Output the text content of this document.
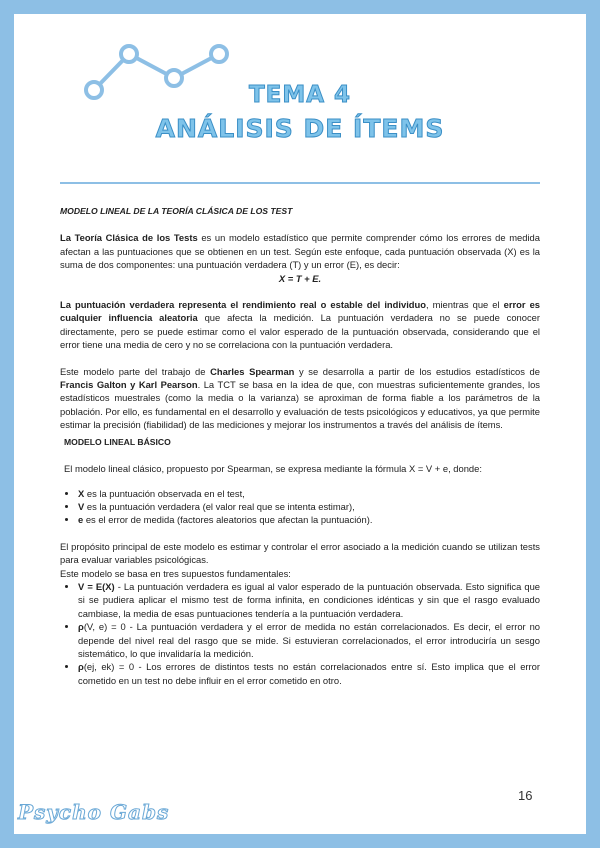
TEMA 4
ANÁLISIS DE ÍTEMS

MODELO LINEAL DE LA TEORÍA CLÁSICA DE LOS TEST

La Teoría Clásica de los Tests es un modelo estadístico que permite comprender cómo los errores de medida afectan a las puntuaciones que se obtienen en un test. Según este enfoque, cada puntuación observada (X) es la suma de dos componentes: una puntuación verdadera (T) y un error (E), es decir:

X = T + E.

La puntuación verdadera representa el rendimiento real o estable del individuo, mientras que el error es cualquier influencia aleatoria que afecta la medición. La puntuación verdadera no se puede conocer directamente, pero se puede estimar como el valor esperado de la puntuación observada, considerando que el error tiene una media de cero y no se correlaciona con la puntuación verdadera.

Este modelo parte del trabajo de Charles Spearman y se desarrolla a partir de los estudios estadísticos de Francis Galton y Karl Pearson. La TCT se basa en la idea de que, con muestras suficientemente grandes, los estadísticos muestrales (como la media o la varianza) se aproximan de forma fiable a los parámetros de la población. Por ello, es fundamental en el desarrollo y evaluación de tests psicológicos y educativos, ya que permite estimar la precisión (fiabilidad) de las mediciones y mejorar los instrumentos a través del análisis de ítems.

MODELO LINEAL BÁSICO

El modelo lineal clásico, propuesto por Spearman, se expresa mediante la fórmula X = V + e, donde:

• X es la puntuación observada en el test,
• V es la puntuación verdadera (el valor real que se intenta estimar),
• e es el error de medida (factores aleatorios que afectan la puntuación).

El propósito principal de este modelo es estimar y controlar el error asociado a la medición cuando se utilizan tests para evaluar variables psicológicas.

Este modelo se basa en tres supuestos fundamentales:

• V = E(X) - La puntuación verdadera es igual al valor esperado de la puntuación observada. Esto significa que si se pudiera aplicar el mismo test de forma infinita, en condiciones idénticas y sin que el rasgo evaluado cambiase, la media de esas puntuaciones tendería a la puntuación verdadera.
• ρ(V, e) = 0 - La puntuación verdadera y el error de medida no están correlacionados. Es decir, el error no depende del nivel real del rasgo que se mide. Si estuvieran correlacionados, el error introduciría un sesgo sistemático, lo que invalidaría la medición.
• ρ(ej, ek) = 0 - Los errores de distintos tests no están correlacionados entre sí. Esto implica que el error cometido en un test no debe influir en el error cometido en otro.
16
Psycho Gabs
